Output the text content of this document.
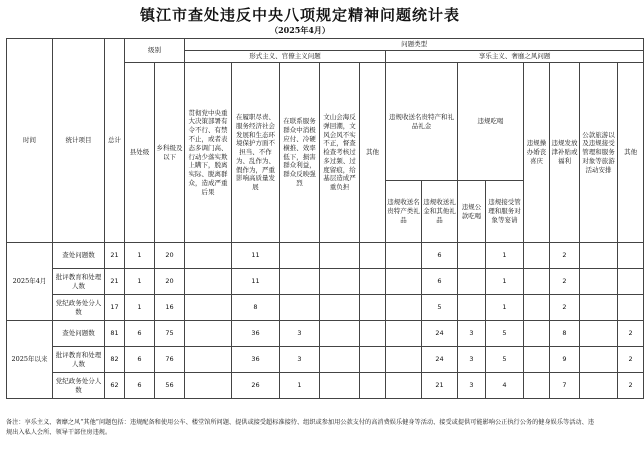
镇江市查处违反中央八项规定精神问题统计表
（2025年4月）
时间	统计项目	总计	级别		问题类型												
					形式主义、官僚主义问题					享乐主义、奢靡之风问题							
			县处级	乡科级及以下	贯彻党中央重大决策部署有令不行、有禁不止，或者表态多调门高、行动少落实欺上瞒下，脱离实际、脱离群众，造成严重后果	在履职尽责、服务经济社会发展和生态环境保护方面不担当、不作为、乱作为、假作为，严重影响高质量发展	在联系服务群众中消极应付、冷硬横推、效率低下，损害群众利益，群众反映强烈	文山会海反弹回潮，文风会风不实不正，督查检查考核过多过频、过度留痕，给基层造成严重负担	其他	违规收送名贵特产和礼品礼金		违规吃喝		违规操办婚丧喜庆	违规发放津补贴或福利	公款旅游以及违规接受管理和服务对象等旅游活动安排	其他
										违规收送名贵特产类礼品	违规收送礼金和其他礼品	违规公款吃喝	违规接受管理和服务对象等宴请				
2025年4月	查处问题数	21	1	20		11					6		1		2		
	批评教育和处理人数	21	1	20		11					6		1		2		
	党纪政务处分人数	17	1	16		8					5		1		2		
2025年以来	查处问题数	81	6	75		36	3				24	3	5		8		2
	批评教育和处理人数	82	6	76		36	3				24	3	5		9		2
	党纪政务处分人数	62	6	56		26	1				21	3	4		7		2
备注：享乐主义、奢靡之风“其他”问题包括：违规配备和使用公车、楼堂馆所问题、提供或接受超标准接待、组织或参加用公款支付的高消费娱乐健身等活动、接受或提供可能影响公正执行公务的健身娱乐等活动、违规出入私人会所、领导干部住房违规。
